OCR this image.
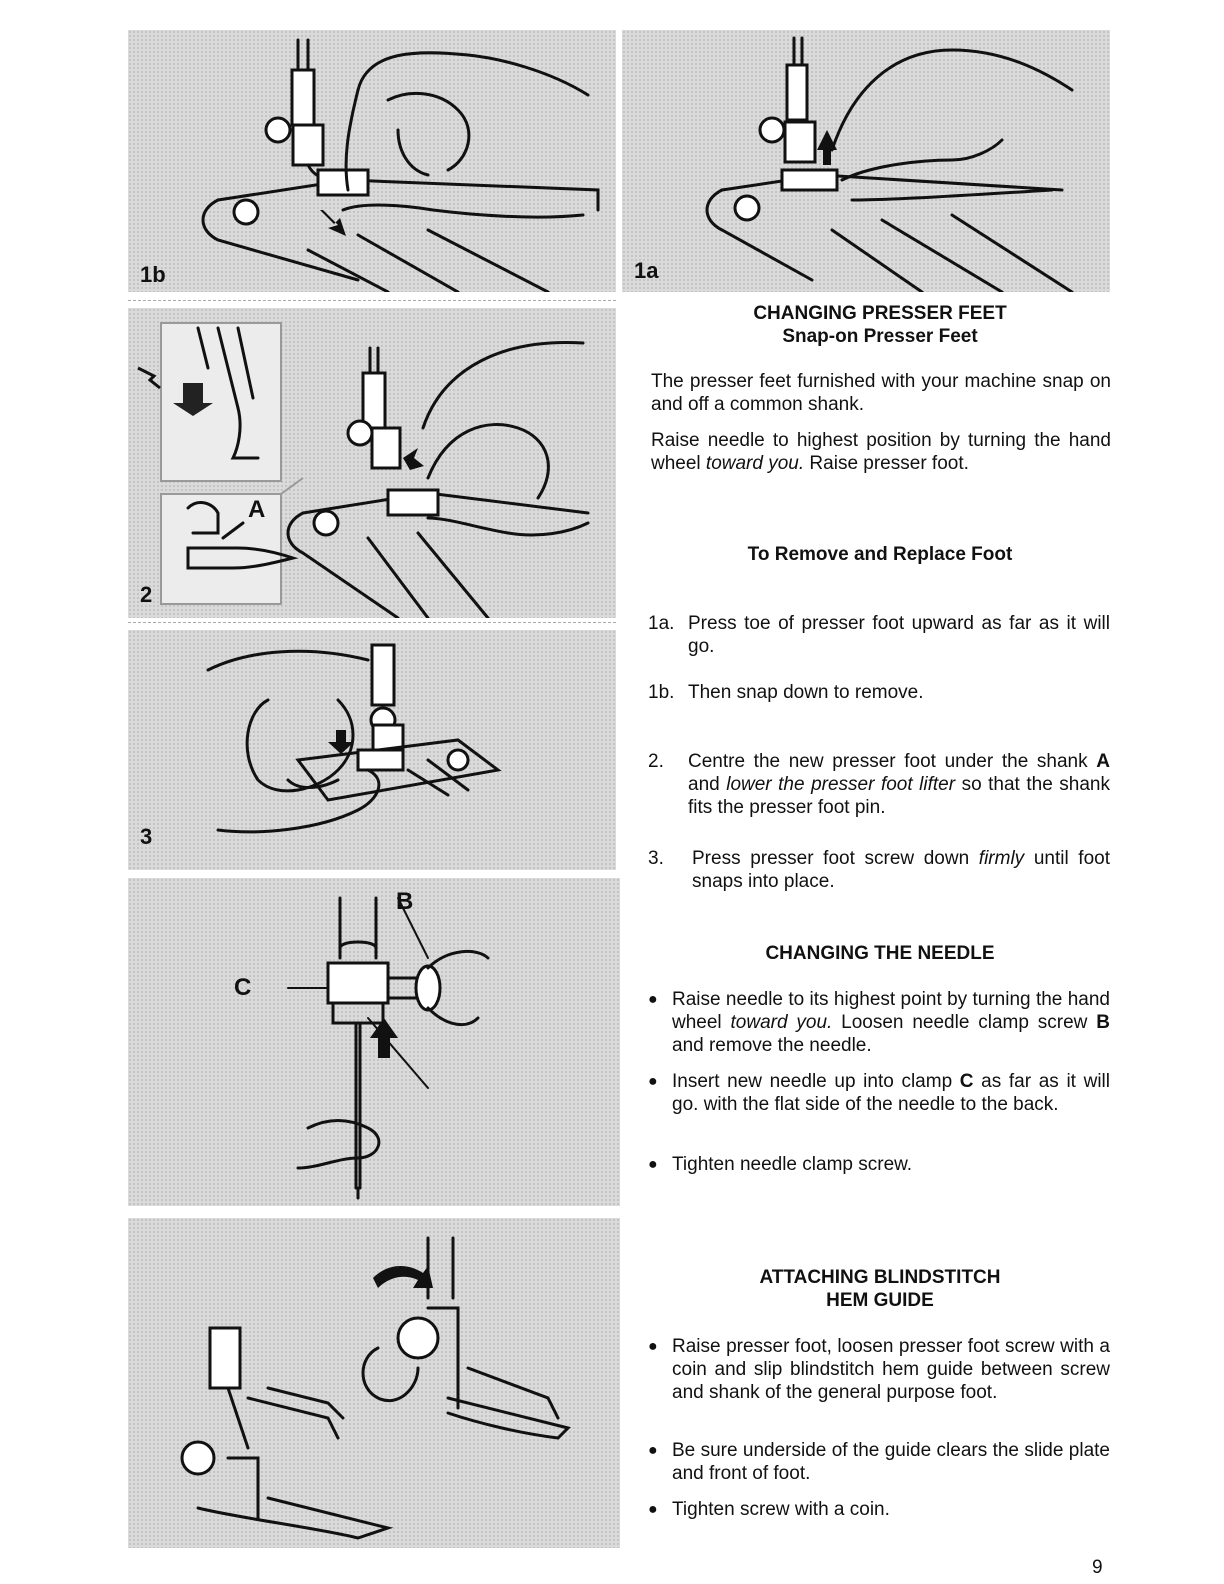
1b	1a
A
2
3
B
C
CHANGING PRESSER FEET
Snap-on Presser Feet
The presser feet furnished with your machine snap on and off a common shank.
Raise needle to highest position by turning the hand wheel toward you. Raise presser foot.
To Remove and Replace Foot
1a. Press toe of presser foot upward as far as it will go.
1b. Then snap down to remove.
2.	Centre the new presser foot under the shank A and lower the presser foot lifter so that the shank fits the presser foot pin.
3.	Press presser foot screw down firmly until foot snaps into place.
CHANGING THE NEEDLE
● Raise needle to its highest point by turning the hand wheel toward you. Loosen needle clamp screw B and remove the needle.
● Insert new needle up into clamp C as far as it will go. with the flat side of the needle to the back.
● Tighten needle clamp screw.
ATTACHING BLINDSTITCH
HEM GUIDE
● Raise presser foot, loosen presser foot screw with a coin and slip blindstitch hem guide between screw and shank of the general purpose foot.
● Be sure underside of the guide clears the slide plate and front of foot.
● Tighten screw with a coin.
9
